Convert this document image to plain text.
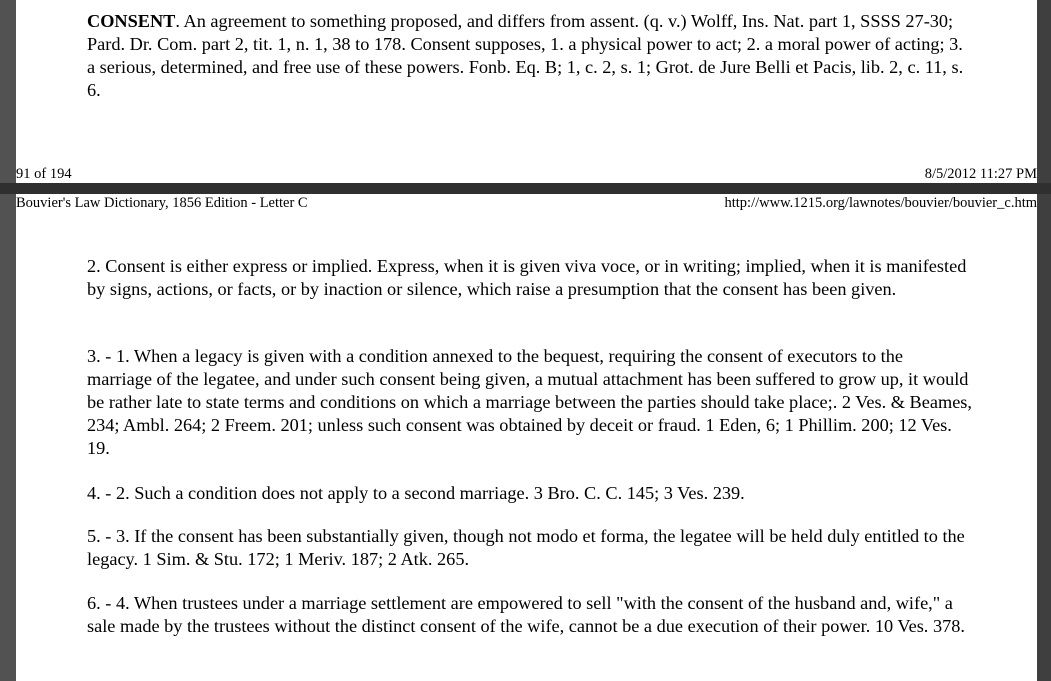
CONSENT. An agreement to something proposed, and differs from assent. (q. v.) Wolff, Ins. Nat. part 1, SSSS 27-30; Pard. Dr. Com. part 2, tit. 1, n. 1, 38 to 178. Consent supposes, 1. a physical power to act; 2. a moral power of acting; 3. a serious, determined, and free use of these powers. Fonb. Eq. B; 1, c. 2, s. 1; Grot. de Jure Belli et Pacis, lib. 2, c. 11, s. 6.

91 of 194	8/5/2012 11:27 PM
Bouvier's Law Dictionary, 1856 Edition - Letter C	http://www.1215.org/lawnotes/bouvier/bouvier_c.htm

2. Consent is either express or implied. Express, when it is given viva voce, or in writing; implied, when it is manifested by signs, actions, or facts, or by inaction or silence, which raise a presumption that the consent has been given.

3. - 1. When a legacy is given with a condition annexed to the bequest, requiring the consent of executors to the marriage of the legatee, and under such consent being given, a mutual attachment has been suffered to grow up, it would be rather late to state terms and conditions on which a marriage between the parties should take place;. 2 Ves. & Beames, 234; Ambl. 264; 2 Freem. 201; unless such consent was obtained by deceit or fraud. 1 Eden, 6; 1 Phillim. 200; 12 Ves. 19.

4. - 2. Such a condition does not apply to a second marriage. 3 Bro. C. C. 145; 3 Ves. 239.

5. - 3. If the consent has been substantially given, though not modo et forma, the legatee will be held duly entitled to the legacy. 1 Sim. & Stu. 172; 1 Meriv. 187; 2 Atk. 265.

6. - 4. When trustees under a marriage settlement are empowered to sell "with the consent of the husband and, wife," a sale made by the trustees without the distinct consent of the wife, cannot be a due execution of their power. 10 Ves. 378.
